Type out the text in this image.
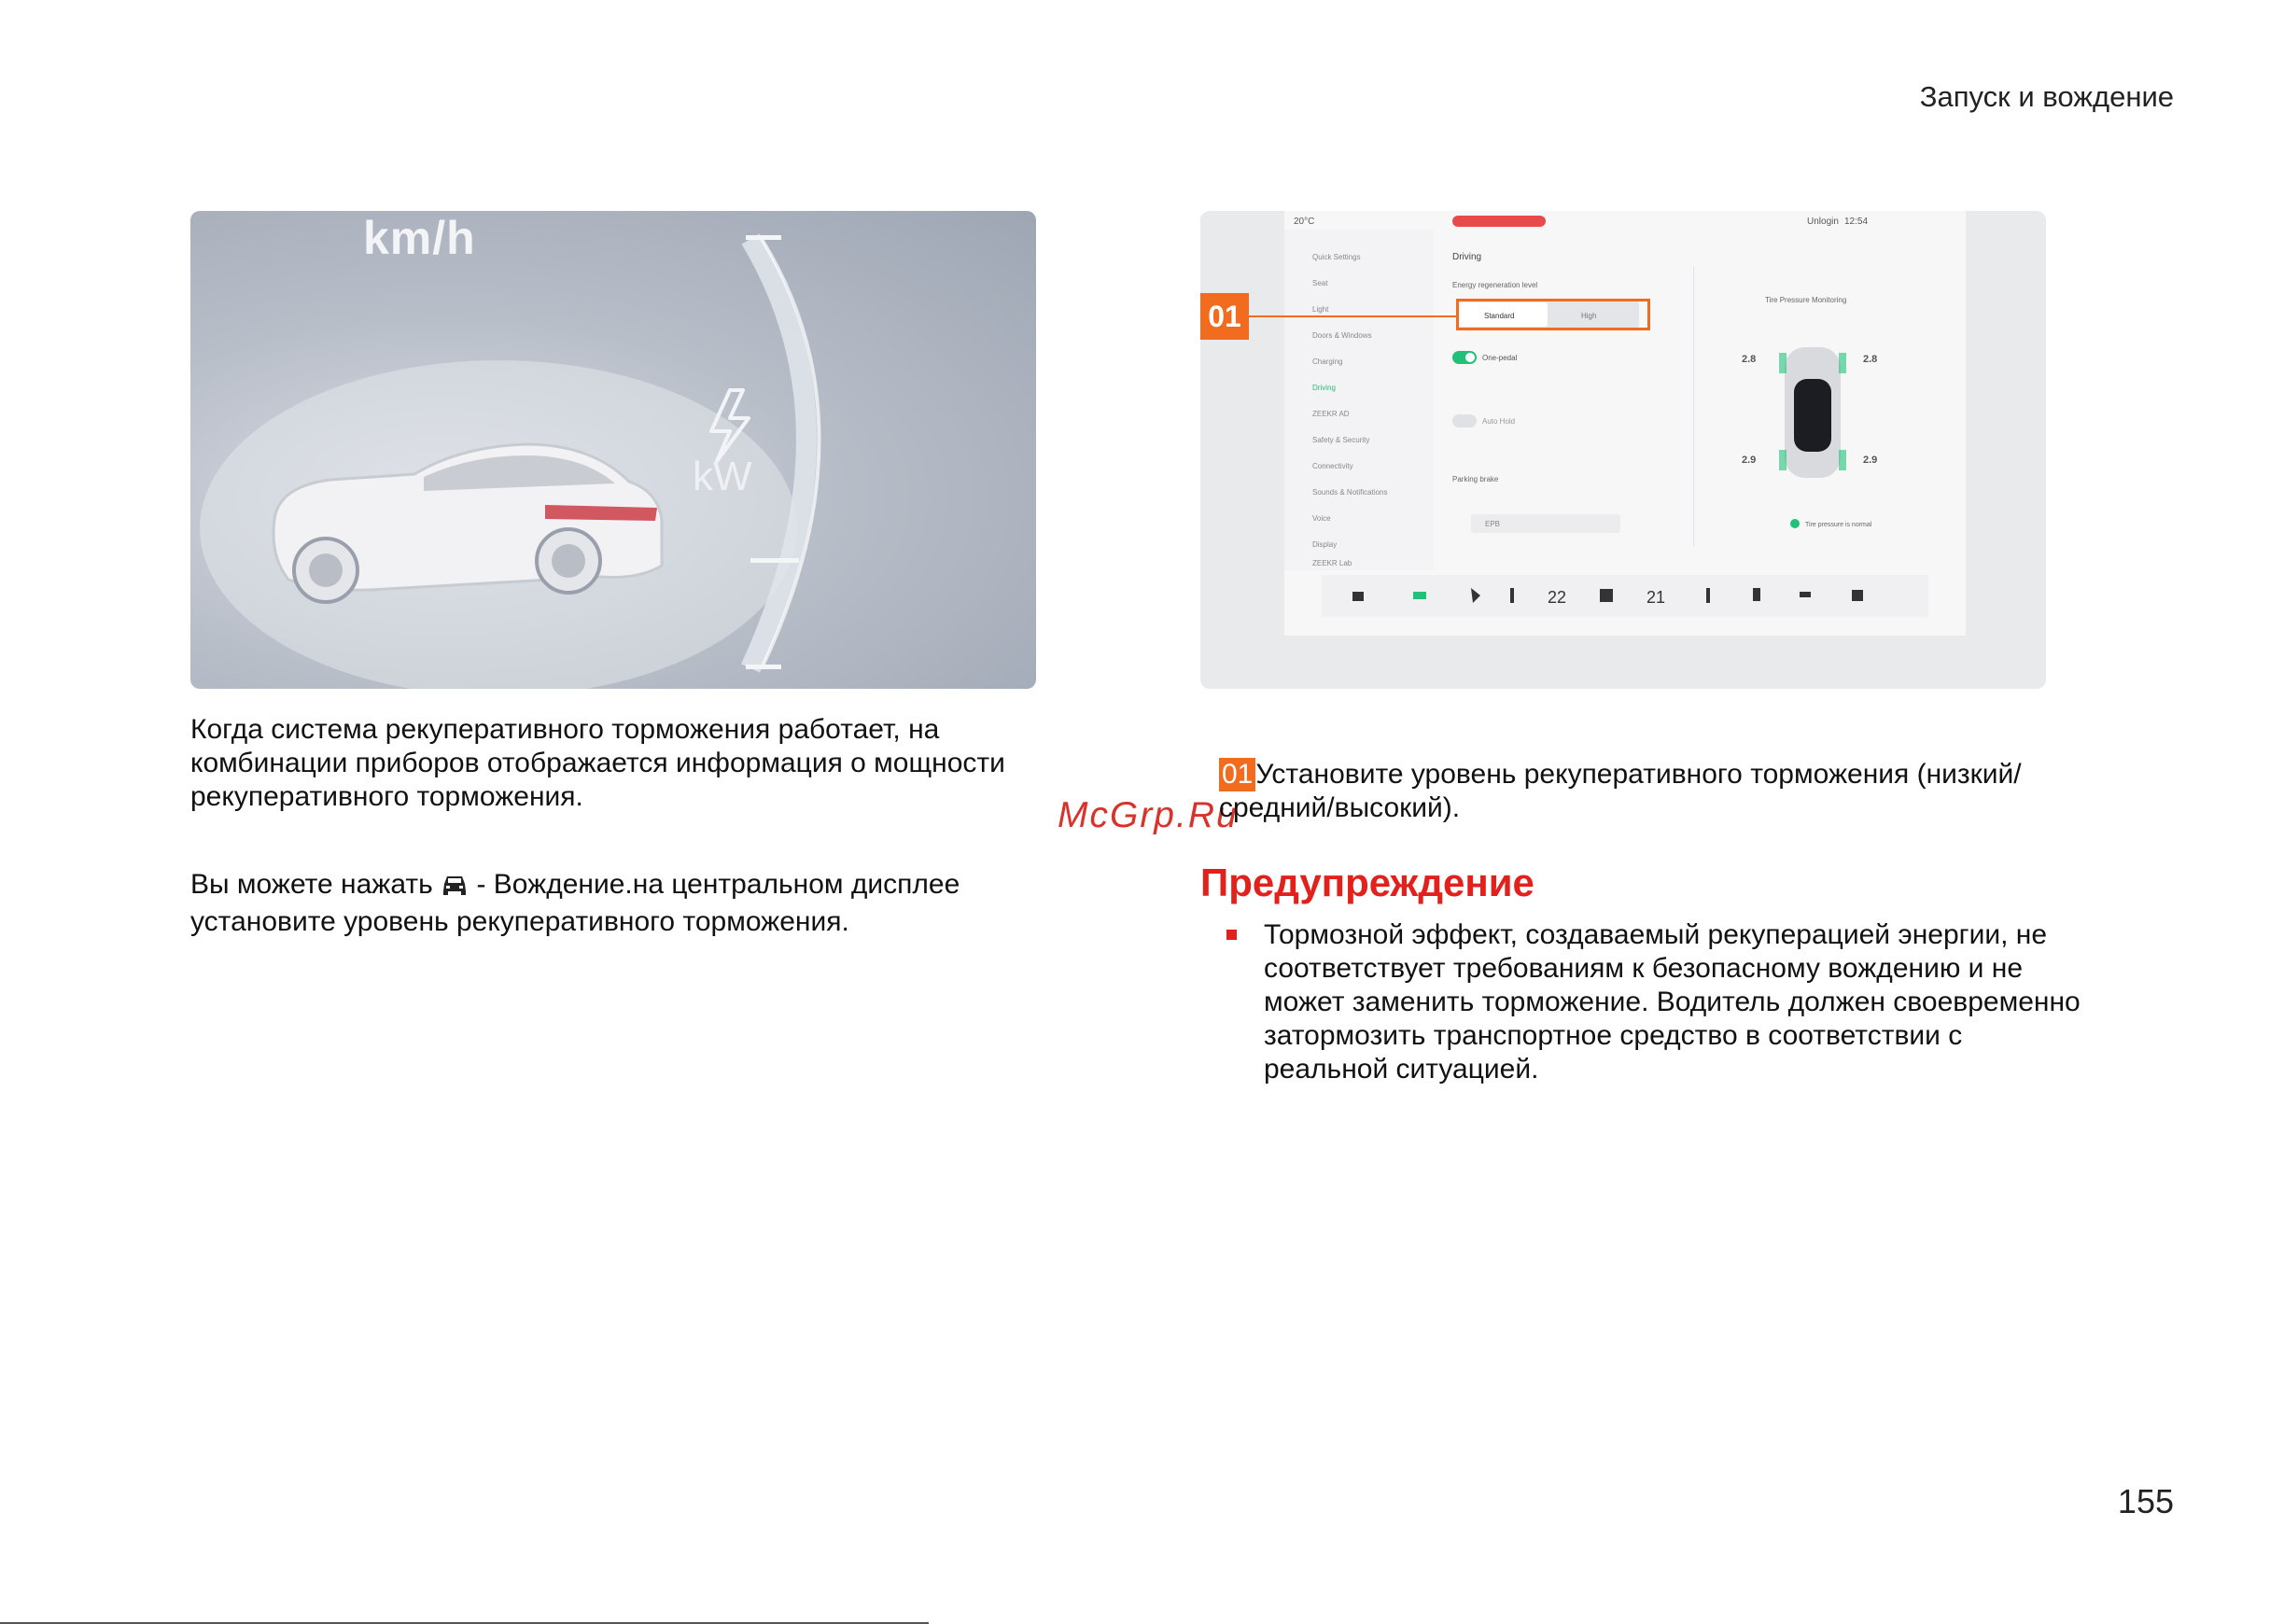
Запуск и вождение
km/h
kW
20°C	Unlogin 12:54
Quick Settings
Seat
Light
Doors & Windows
Charging
Driving
ZEEKR AD
Safety & Security
Connectivity
Sounds & Notifications
Voice
Display
ZEEKR Lab
Driving
Energy regeneration level
Standard	High
One-pedal
Auto Hold
Parking brake
EPB
Tire Pressure Monitoring
2.8	2.8
2.9	2.9
Tire pressure is normal
22	21
01
Когда система рекуперативного торможения работает, на комбинации приборов отображается информация о мощности рекуперативного торможения.
Вы можете нажать  - Вождение.на центральном дисплее установите уровень рекуперативного торможения.
McGrp.Ru
01 Установите уровень рекуперативного торможения (низкий/средний/высокий).
Предупреждение
Тормозной эффект, создаваемый рекуперацией энергии, не соответствует требованиям к безопасному вождению и не может заменить торможение. Водитель должен своевременно затормозить транспортное средство в соответствии с реальной ситуацией.
155
